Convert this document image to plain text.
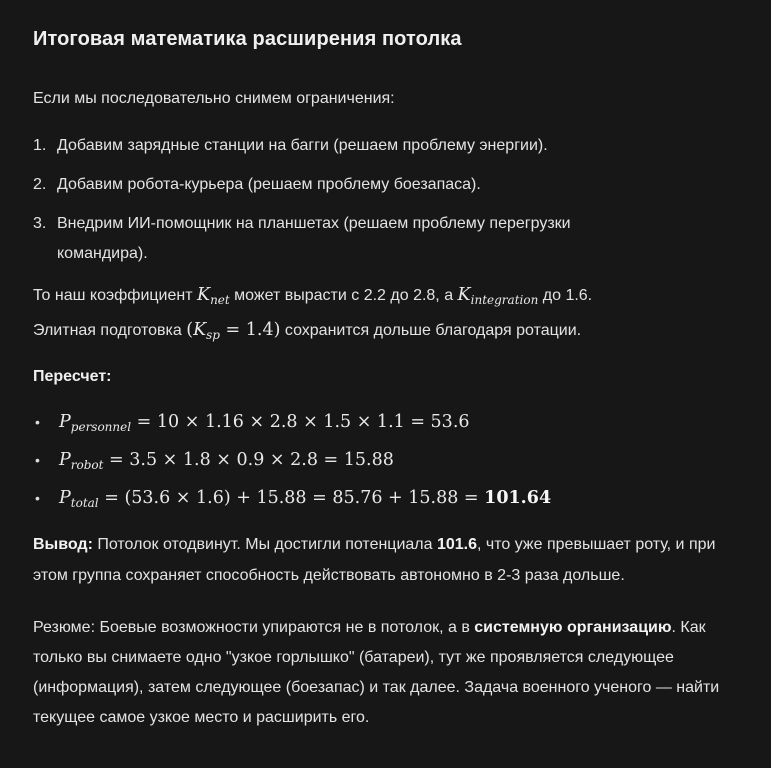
Итоговая математика расширения потолка

Если мы последовательно снимем ограничения:

1. Добавим зарядные станции на багги (решаем проблему энергии).
2. Добавим робота-курьера (решаем проблему боезапаса).
3. Внедрим ИИ-помощник на планшетах (решаем проблему перегрузки командира).
То наш коэффициент $K_{net}$ может вырасти с 2.2 до 2.8, а $K_{integration}$ до 1.6.
Элитная подготовка $(K_{sp} = 1.4)$ сохранится дольше благодаря ротации.

Пересчет:

•	$P_{personnel} = 10 \times 1.16 \times 2.8 \times 1.5 \times 1.1 = 53.6$
•	$P_{robot} = 3.5 \times 1.8 \times 0.9 \times 2.8 = 15.88$
•	$P_{total} = (53.6 \times 1.6) + 15.88 = 85.76 + 15.88 = 101.64$

Вывод: Потолок отодвинут. Мы достигли потенциала 101.6, что уже превышает роту, и при этом группа сохраняет способность действовать автономно в 2-3 раза дольше.

Резюме: Боевые возможности упираются не в потолок, а в системную организацию. Как только вы снимаете одно "узкое горлышко" (батареи), тут же проявляется следующее (информация), затем следующее (боезапас) и так далее. Задача военного ученого — найти текущее самое узкое место и расширить его.
